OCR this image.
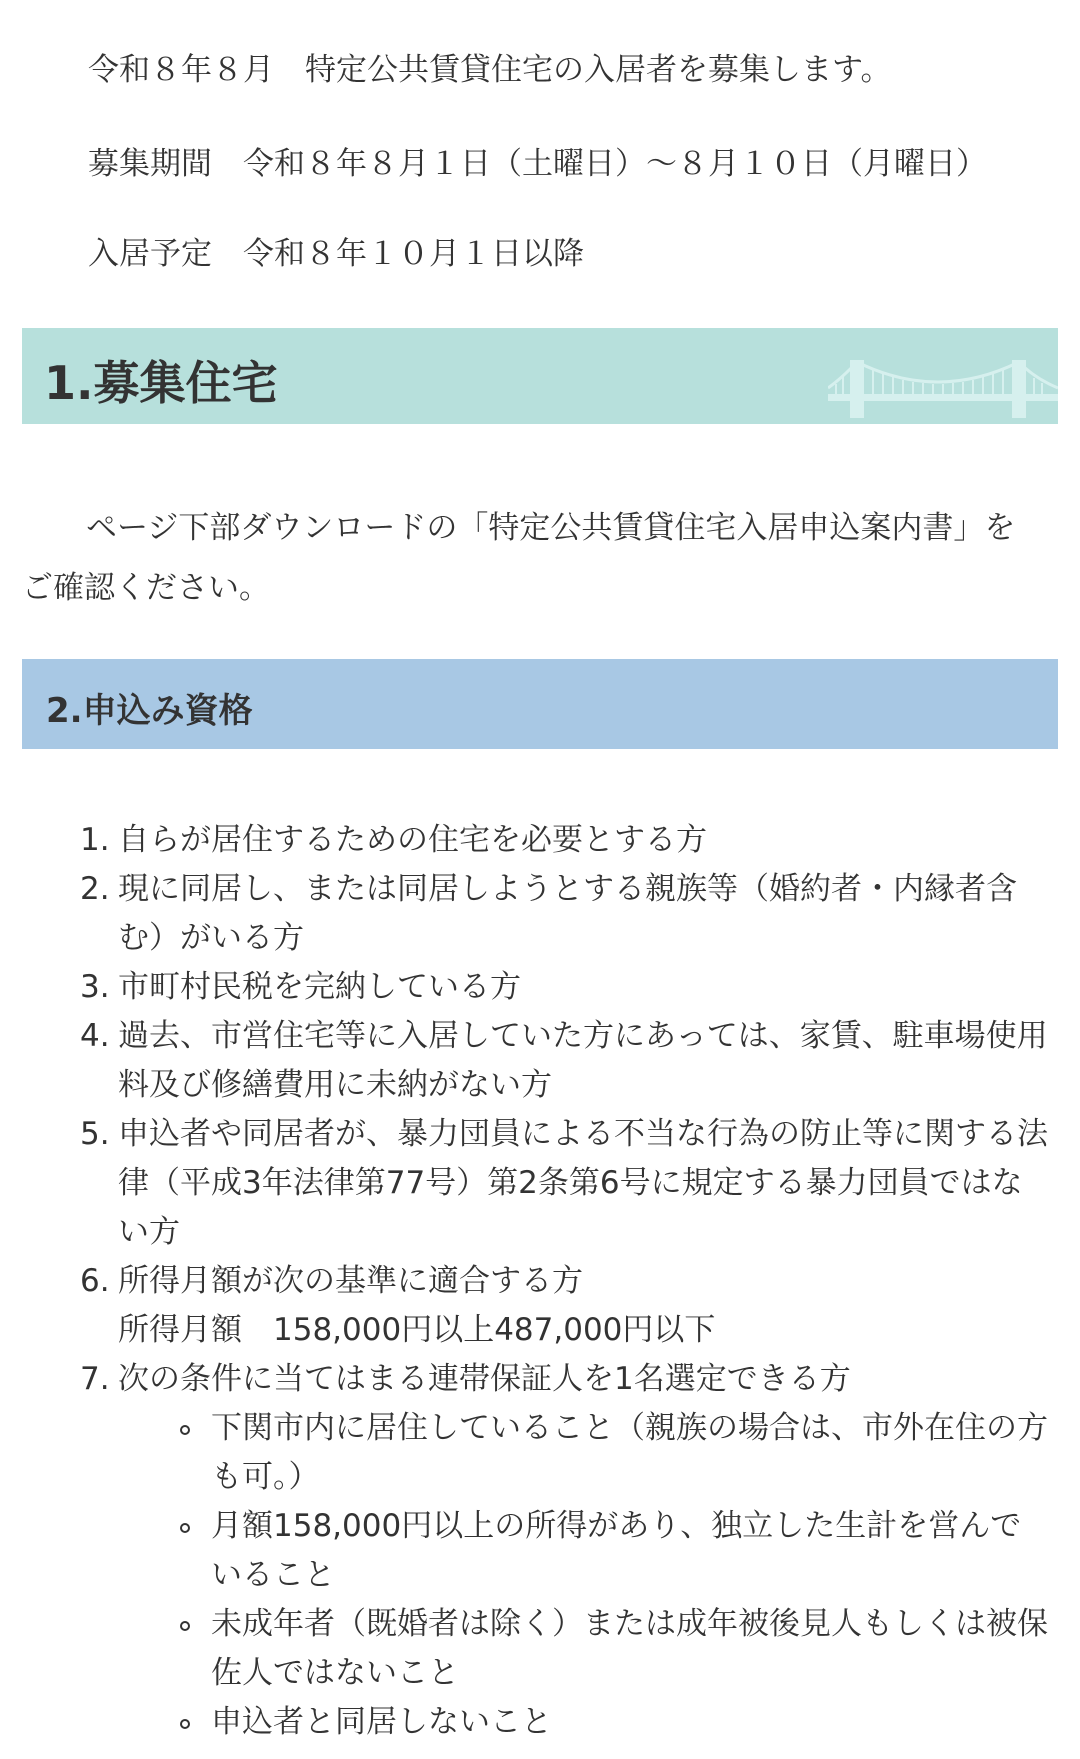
令和８年８月　特定公共賃貸住宅の入居者を募集します。
募集期間　令和８年８月１日（土曜日）～８月１０日（月曜日）
入居予定　令和８年１０月１日以降
1.募集住宅
ページ下部ダウンロードの「特定公共賃貸住宅入居申込案内書」をご確認ください。
2.申込み資格
1. 自らが居住するための住宅を必要とする方
2. 現に同居し、または同居しようとする親族等（婚約者・内縁者含む）がいる方
3. 市町村民税を完納している方
4. 過去、市営住宅等に入居していた方にあっては、家賃、駐車場使用料及び修繕費用に未納がない方
5. 申込者や同居者が、暴力団員による不当な行為の防止等に関する法律（平成3年法律第77号）第2条第6号に規定する暴力団員ではない方
6. 所得月額が次の基準に適合する方
所得月額　158,000円以上487,000円以下
7. 次の条件に当てはまる連帯保証人を1名選定できる方
下関市内に居住していること（親族の場合は、市外在住の方も可。）
月額158,000円以上の所得があり、独立した生計を営んでいること
未成年者（既婚者は除く）または成年被後見人もしくは被保佐人ではないこと
申込者と同居しないこと
